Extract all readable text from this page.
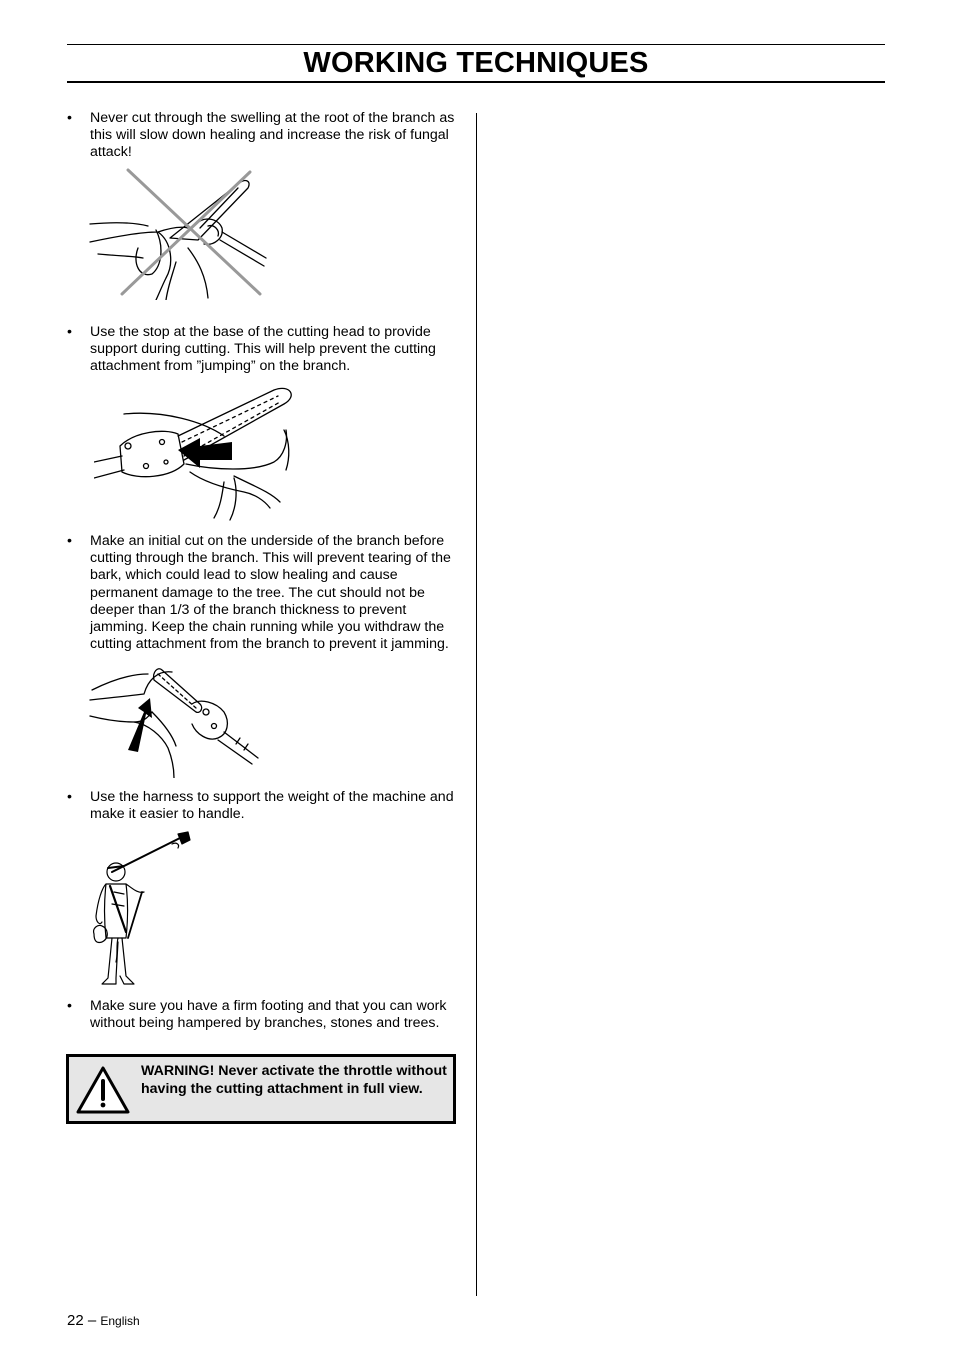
WORKING TECHNIQUES
•	Never cut through the swelling at the root of the branch as this will slow down healing and increase the risk of fungal attack!
•	Use the stop at the base of the cutting head to provide support during cutting. This will help prevent the cutting attachment from ”jumping” on the branch.
•	Make an initial cut on the underside of the branch before cutting through the branch. This will prevent tearing of the bark, which could lead to slow healing and cause permanent damage to the tree. The cut should not be deeper than 1/3 of the branch thickness to prevent jamming. Keep the chain running while you withdraw the cutting attachment from the branch to prevent it jamming.
•	Use the harness to support the weight of the machine and make it easier to handle.
•	Make sure you have a firm footing and that you can work without being hampered by branches, stones and trees.
WARNING! Never activate the throttle without having the cutting attachment in full view.
22 – English
